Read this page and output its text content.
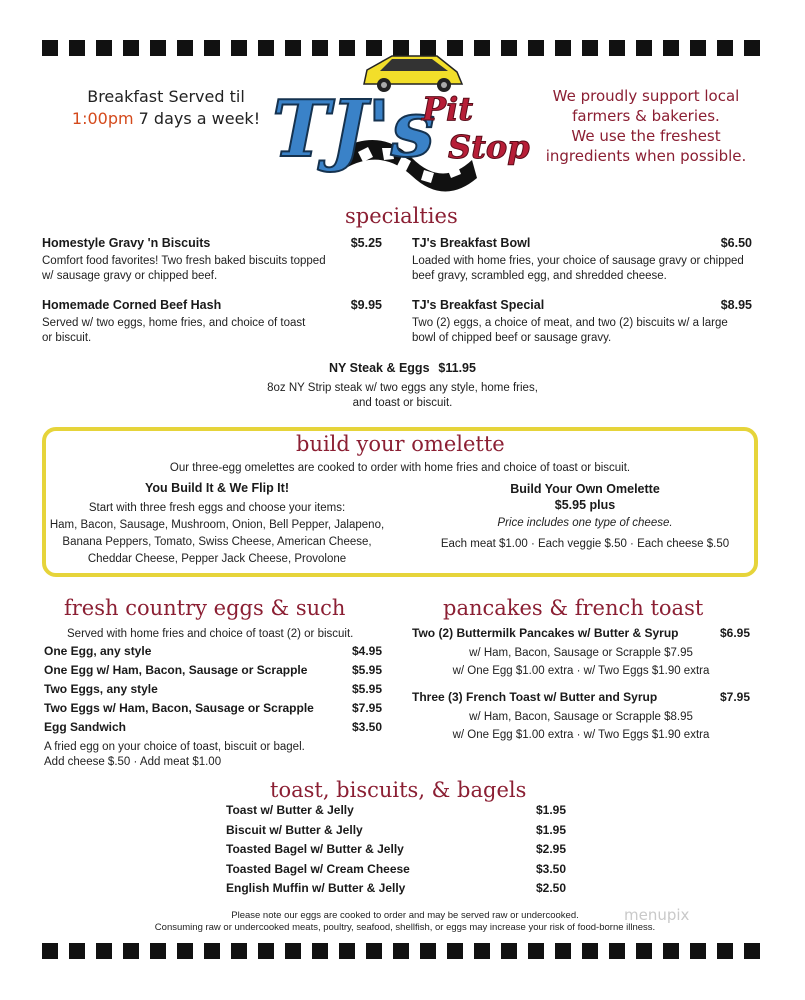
Breakfast Served til
1:00pm 7 days a week! TJ's
Pit
Stop
We proudly support local
farmers & bakeries.
We use the freshest
ingredients when possible.
specialties
Homestyle Gravy 'n Biscuits	$5.25
Comfort food favorites! Two fresh baked biscuits topped
w/ sausage gravy or chipped beef.
Homemade Corned Beef Hash	$9.95
Served w/ two eggs, home fries, and choice of toast
or biscuit.
TJ's Breakfast Bowl	$6.50
Loaded with home fries, your choice of sausage gravy or chipped
beef gravy, scrambled egg, and shredded cheese.
TJ's Breakfast Special	$8.95
Two (2) eggs, a choice of meat, and two (2) biscuits w/ a large
bowl of chipped beef or sausage gravy.
NY Steak & Eggs $11.95
8oz NY Strip steak w/ two eggs any style, home fries,
and toast or biscuit.
build your omelette
Our three-egg omelettes are cooked to order with home fries and choice of toast or biscuit.
You Build It & We Flip It!
Start with three fresh eggs and choose your items:
Ham, Bacon, Sausage, Mushroom, Onion, Bell Pepper, Jalapeno,
Banana Peppers, Tomato, Swiss Cheese, American Cheese,
Cheddar Cheese, Pepper Jack Cheese, Provolone
Build Your Own Omelette
$5.95 plus
Price includes one type of cheese.
Each meat $1.00 · Each veggie $.50 · Each cheese $.50
fresh country eggs & such
Served with home fries and choice of toast (2) or biscuit.
One Egg, any style	$4.95
One Egg w/ Ham, Bacon, Sausage or Scrapple	$5.95
Two Eggs, any style	$5.95
Two Eggs w/ Ham, Bacon, Sausage or Scrapple	$7.95
Egg Sandwich	$3.50
A fried egg on your choice of toast, biscuit or bagel.
Add cheese $.50 · Add meat $1.00
pancakes & french toast
Two (2) Buttermilk Pancakes w/ Butter & Syrup	$6.95
w/ Ham, Bacon, Sausage or Scrapple $7.95
w/ One Egg $1.00 extra · w/ Two Eggs $1.90 extra
Three (3) French Toast w/ Butter and Syrup	$7.95
w/ Ham, Bacon, Sausage or Scrapple $8.95
w/ One Egg $1.00 extra · w/ Two Eggs $1.90 extra
toast, biscuits, & bagels
Toast w/ Butter & Jelly	$1.95
Biscuit w/ Butter & Jelly	$1.95
Toasted Bagel w/ Butter & Jelly	$2.95
Toasted Bagel w/ Cream Cheese	$3.50
English Muffin w/ Butter & Jelly	$2.50
Please note our eggs are cooked to order and may be served raw or undercooked.
Consuming raw or undercooked meats, poultry, seafood, shellfish, or eggs may increase your risk of food-borne illness.
menupix
